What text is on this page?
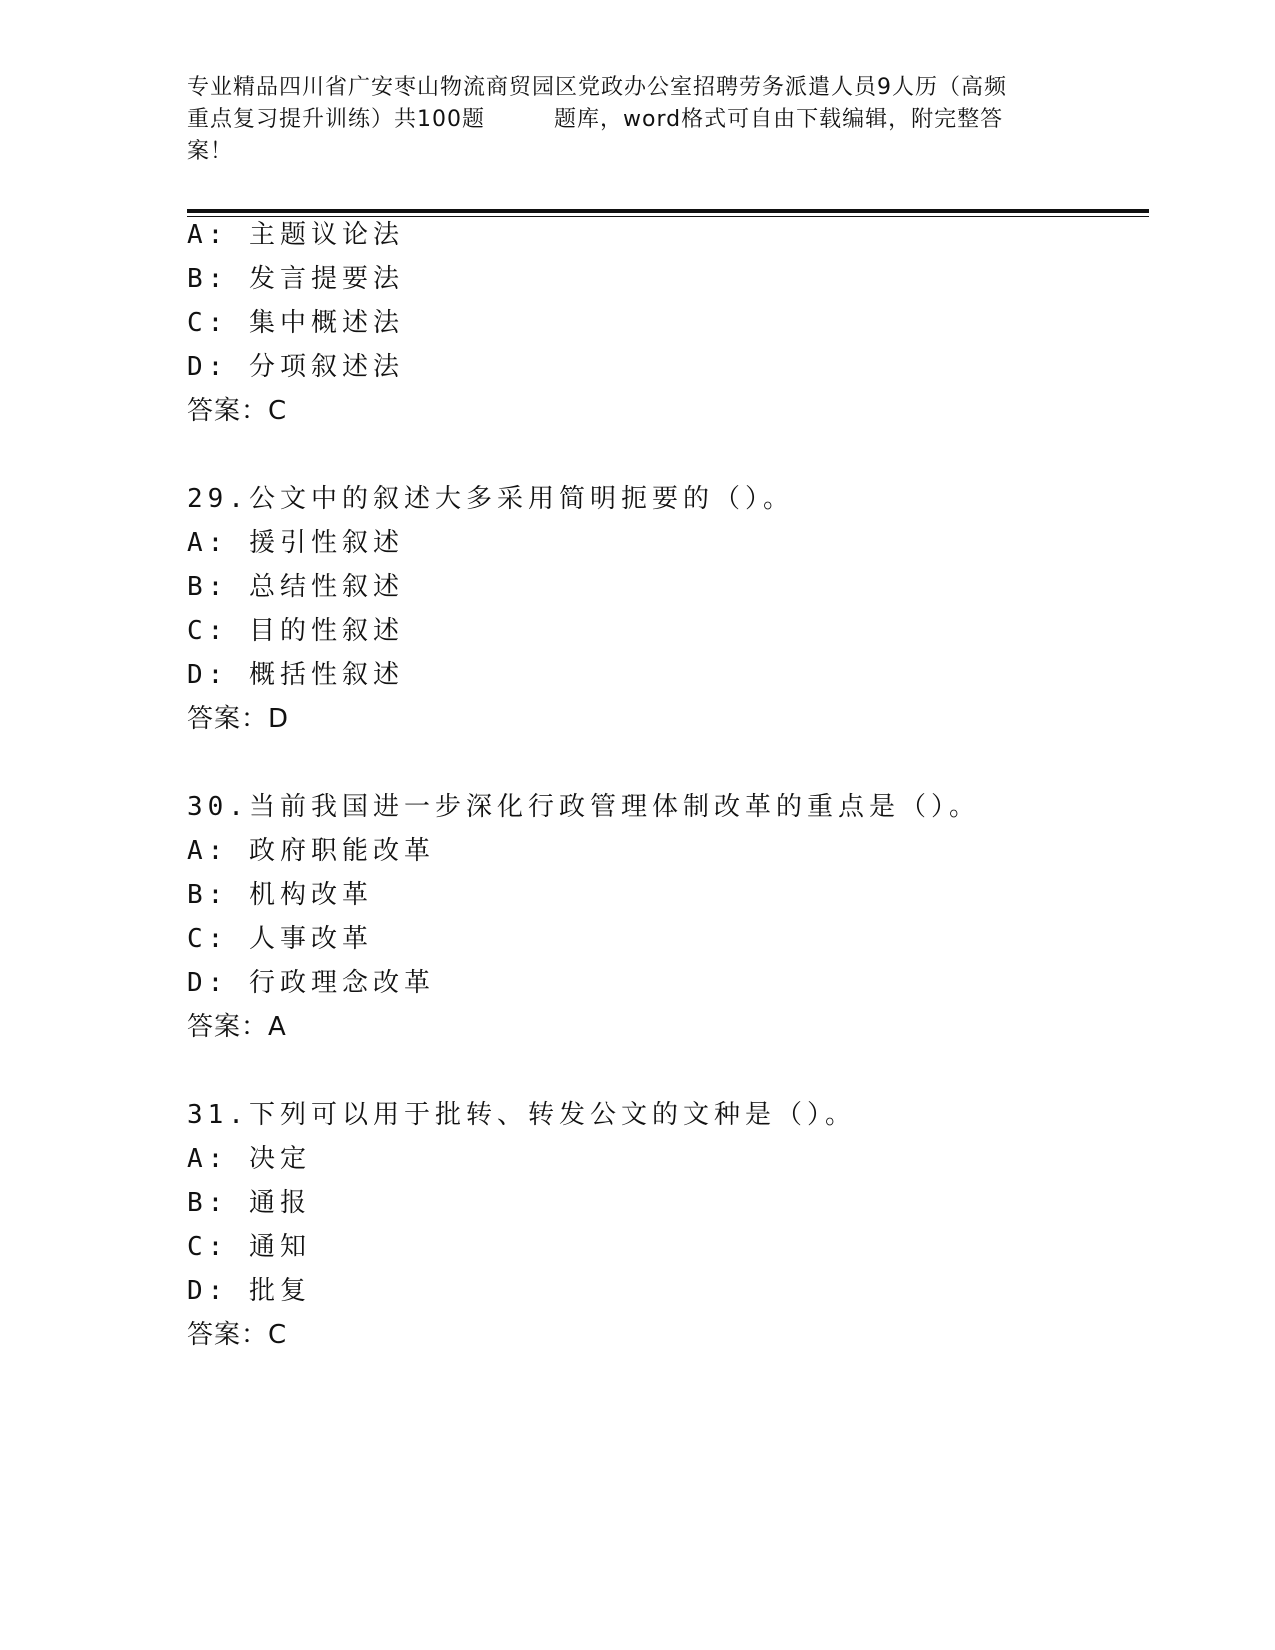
专业精品四川省广安枣山物流商贸园区党政办公室招聘劳务派遣人员9人历（高频
重点复习提升训练）共100题　　　题库，word格式可自由下载编辑，附完整答
案！
A: 主题议论法
B: 发言提要法
C: 集中概述法
D: 分项叙述法
答案：C
29.公文中的叙述大多采用简明扼要的（）。
A: 援引性叙述
B: 总结性叙述
C: 目的性叙述
D: 概括性叙述
答案：D
30.当前我国进一步深化行政管理体制改革的重点是（）。
A: 政府职能改革
B: 机构改革
C: 人事改革
D: 行政理念改革
答案：A
31.下列可以用于批转、转发公文的文种是（）。
A: 决定
B: 通报
C: 通知
D: 批复
答案：C
